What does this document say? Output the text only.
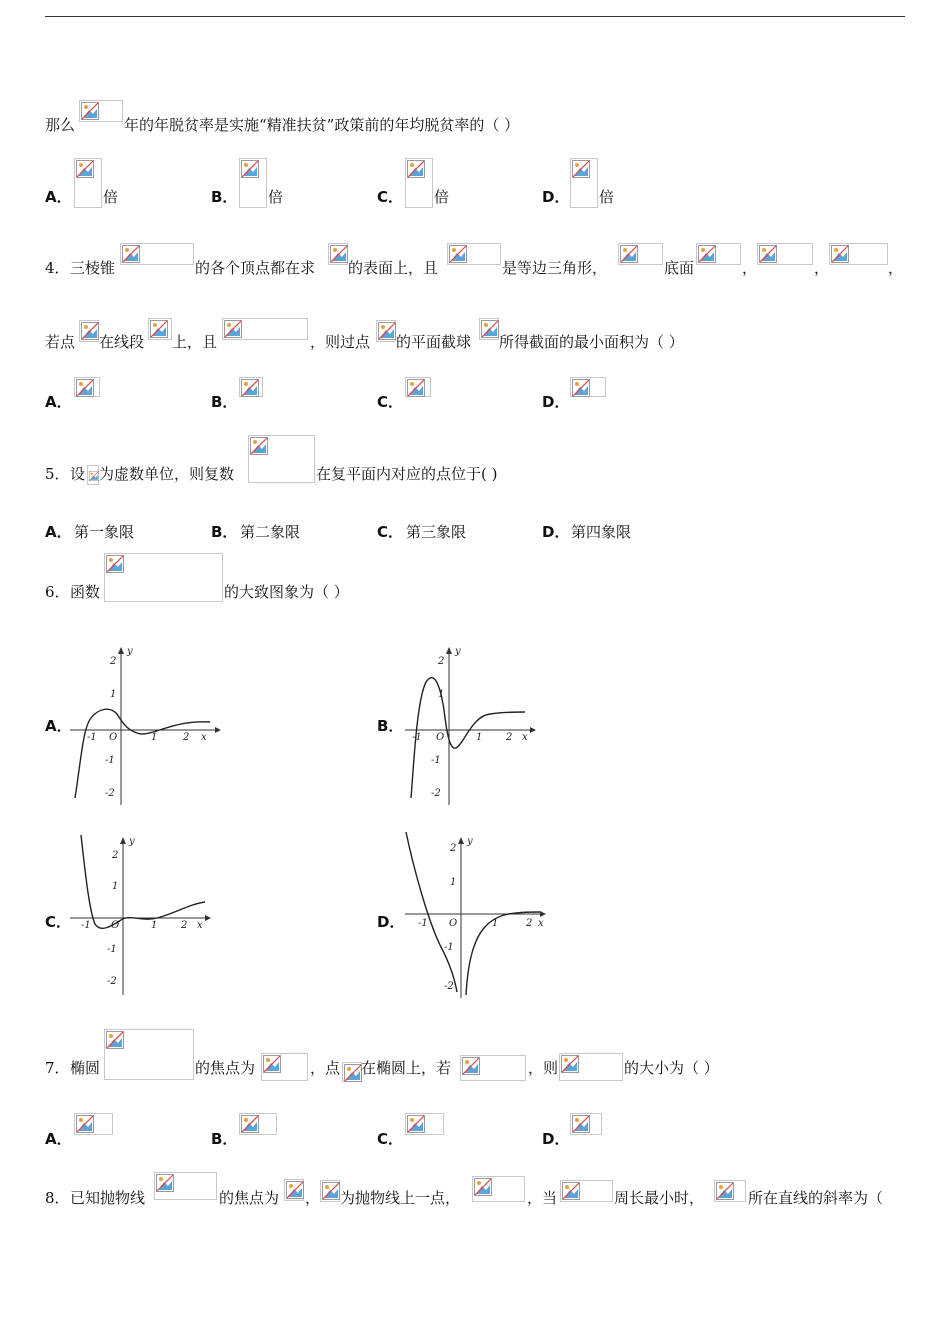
那么	年的年脱贫率是实施“精准扶贫”政策前的年均脱贫率的（ ）
A． 倍	B． 倍	C． 倍	D． 倍
4． 三棱锥	的各个顶点都在求 的表面上，且	是等边三角形，	底面	，	，	，
若点 在线段 上，且	，则过点 的平面截球 所得截面的最小面积为（ ）
A．	B．	C．	D．
5． 设 为虚数单位，则复数	在复平面内对应的点位于( )
A． 第一象限	B． 第二象限	C． 第三象限	D． 第四象限
6． 函数	的大致图象为（ ）
A．	B．
C．	D．
y
x
O
2
1
-1
-2
-1	1	2
y
x
O
2
1
-1
-2
-1	1 2
y
x
O
2
1
-1
-2
-1	1 2
y
x
O
2
1
-1
-2
-1	1	2
7． 椭圆	的焦点为	，点 在椭圆上，若	，则	的大小为（ ）
A．	B．	C．	D．
8． 已知抛物线	的焦点为 ， 为抛物线上一点，	，当	周长最小时，	所在直线的斜率为（
